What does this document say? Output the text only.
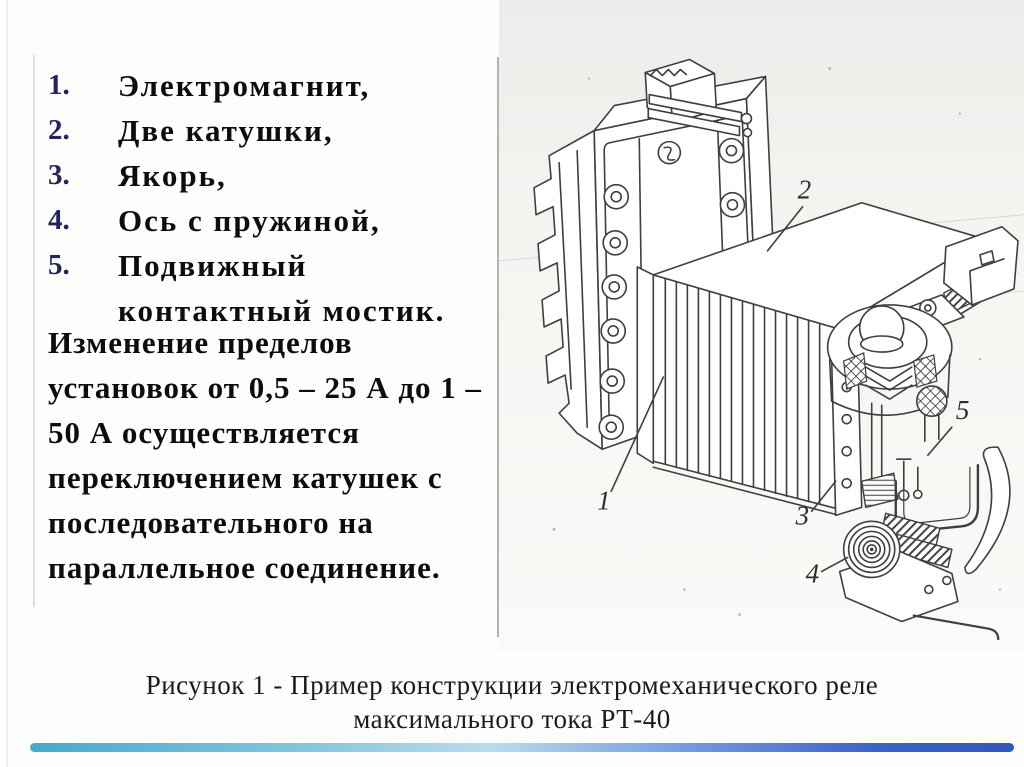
1. Электромагнит,
2. Две катушки,
3. Якорь,
4. Ось с пружиной,
5. Подвижный контактный мостик.
Изменение пределов
установок от 0,5 – 25 А до 1 –
50 А осуществляется
переключением катушек с
последовательного на
параллельное соединение.
1
2
3
4
5
Рисунок 1 - Пример конструкции электромеханического реле
максимального тока РТ-40
